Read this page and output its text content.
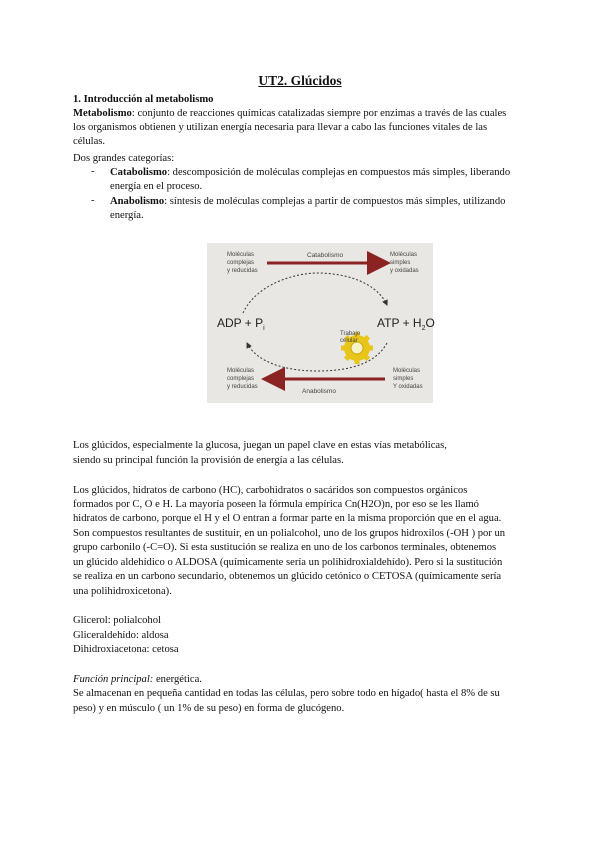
UT2. Glúcidos
1. Introducción al metabolismo
Metabolismo: conjunto de reacciones químicas catalizadas siempre por enzimas a través de las cuales
los organismos obtienen y utilizan energía necesaria para llevar a cabo las funciones vitales de las
células.
Dos grandes categorías:
- Catabolismo: descomposición de moléculas complejas en compuestos más simples, liberando
energía en el proceso.
- Anabolismo: síntesis de moléculas complejas a partir de compuestos más simples, utilizando
energía.
Moléculas
complejas
y reducidas
Catabolismo	Moléculas
simples
y oxidadas
ADP + $P_i$	ATP + $H_2O$
Trabajo
celular
Moléculas
complejas
y reducidas
Anabolismo
Moléculas
simples
Y oxidadas
Los glúcidos, especialmente la glucosa, juegan un papel clave en estas vías metabólicas,
siendo su principal función la provisión de energía a las células.
Los glúcidos, hidratos de carbono (HC), carbohidratos o sacáridos son compuestos orgánicos
formados por C, O e H. La mayoría poseen la fórmula empírica Cn(H2O)n, por eso se les llamó
hidratos de carbono, porque el H y el O entran a formar parte en la misma proporción que en el agua.
Son compuestos resultantes de sustituir, en un polialcohol, uno de los grupos hidroxilos (-OH ) por un
grupo carbonilo (-C=O). Si esta sustitución se realiza en uno de los carbonos terminales, obtenemos
un glúcido aldehídico o ALDOSA (químicamente sería un polihidroxialdehído). Pero si la sustitución
se realiza en un carbono secundario, obtenemos un glúcido cetónico o CETOSA (químicamente sería
una polihidroxicetona).
Glicerol: polialcohol
Gliceraldehído: aldosa
Dihidroxiacetona: cetosa
Función principal: energética.
Se almacenan en pequeña cantidad en todas las células, pero sobre todo en hígado( hasta el 8% de su
peso) y en músculo ( un 1% de su peso) en forma de glucógeno.
